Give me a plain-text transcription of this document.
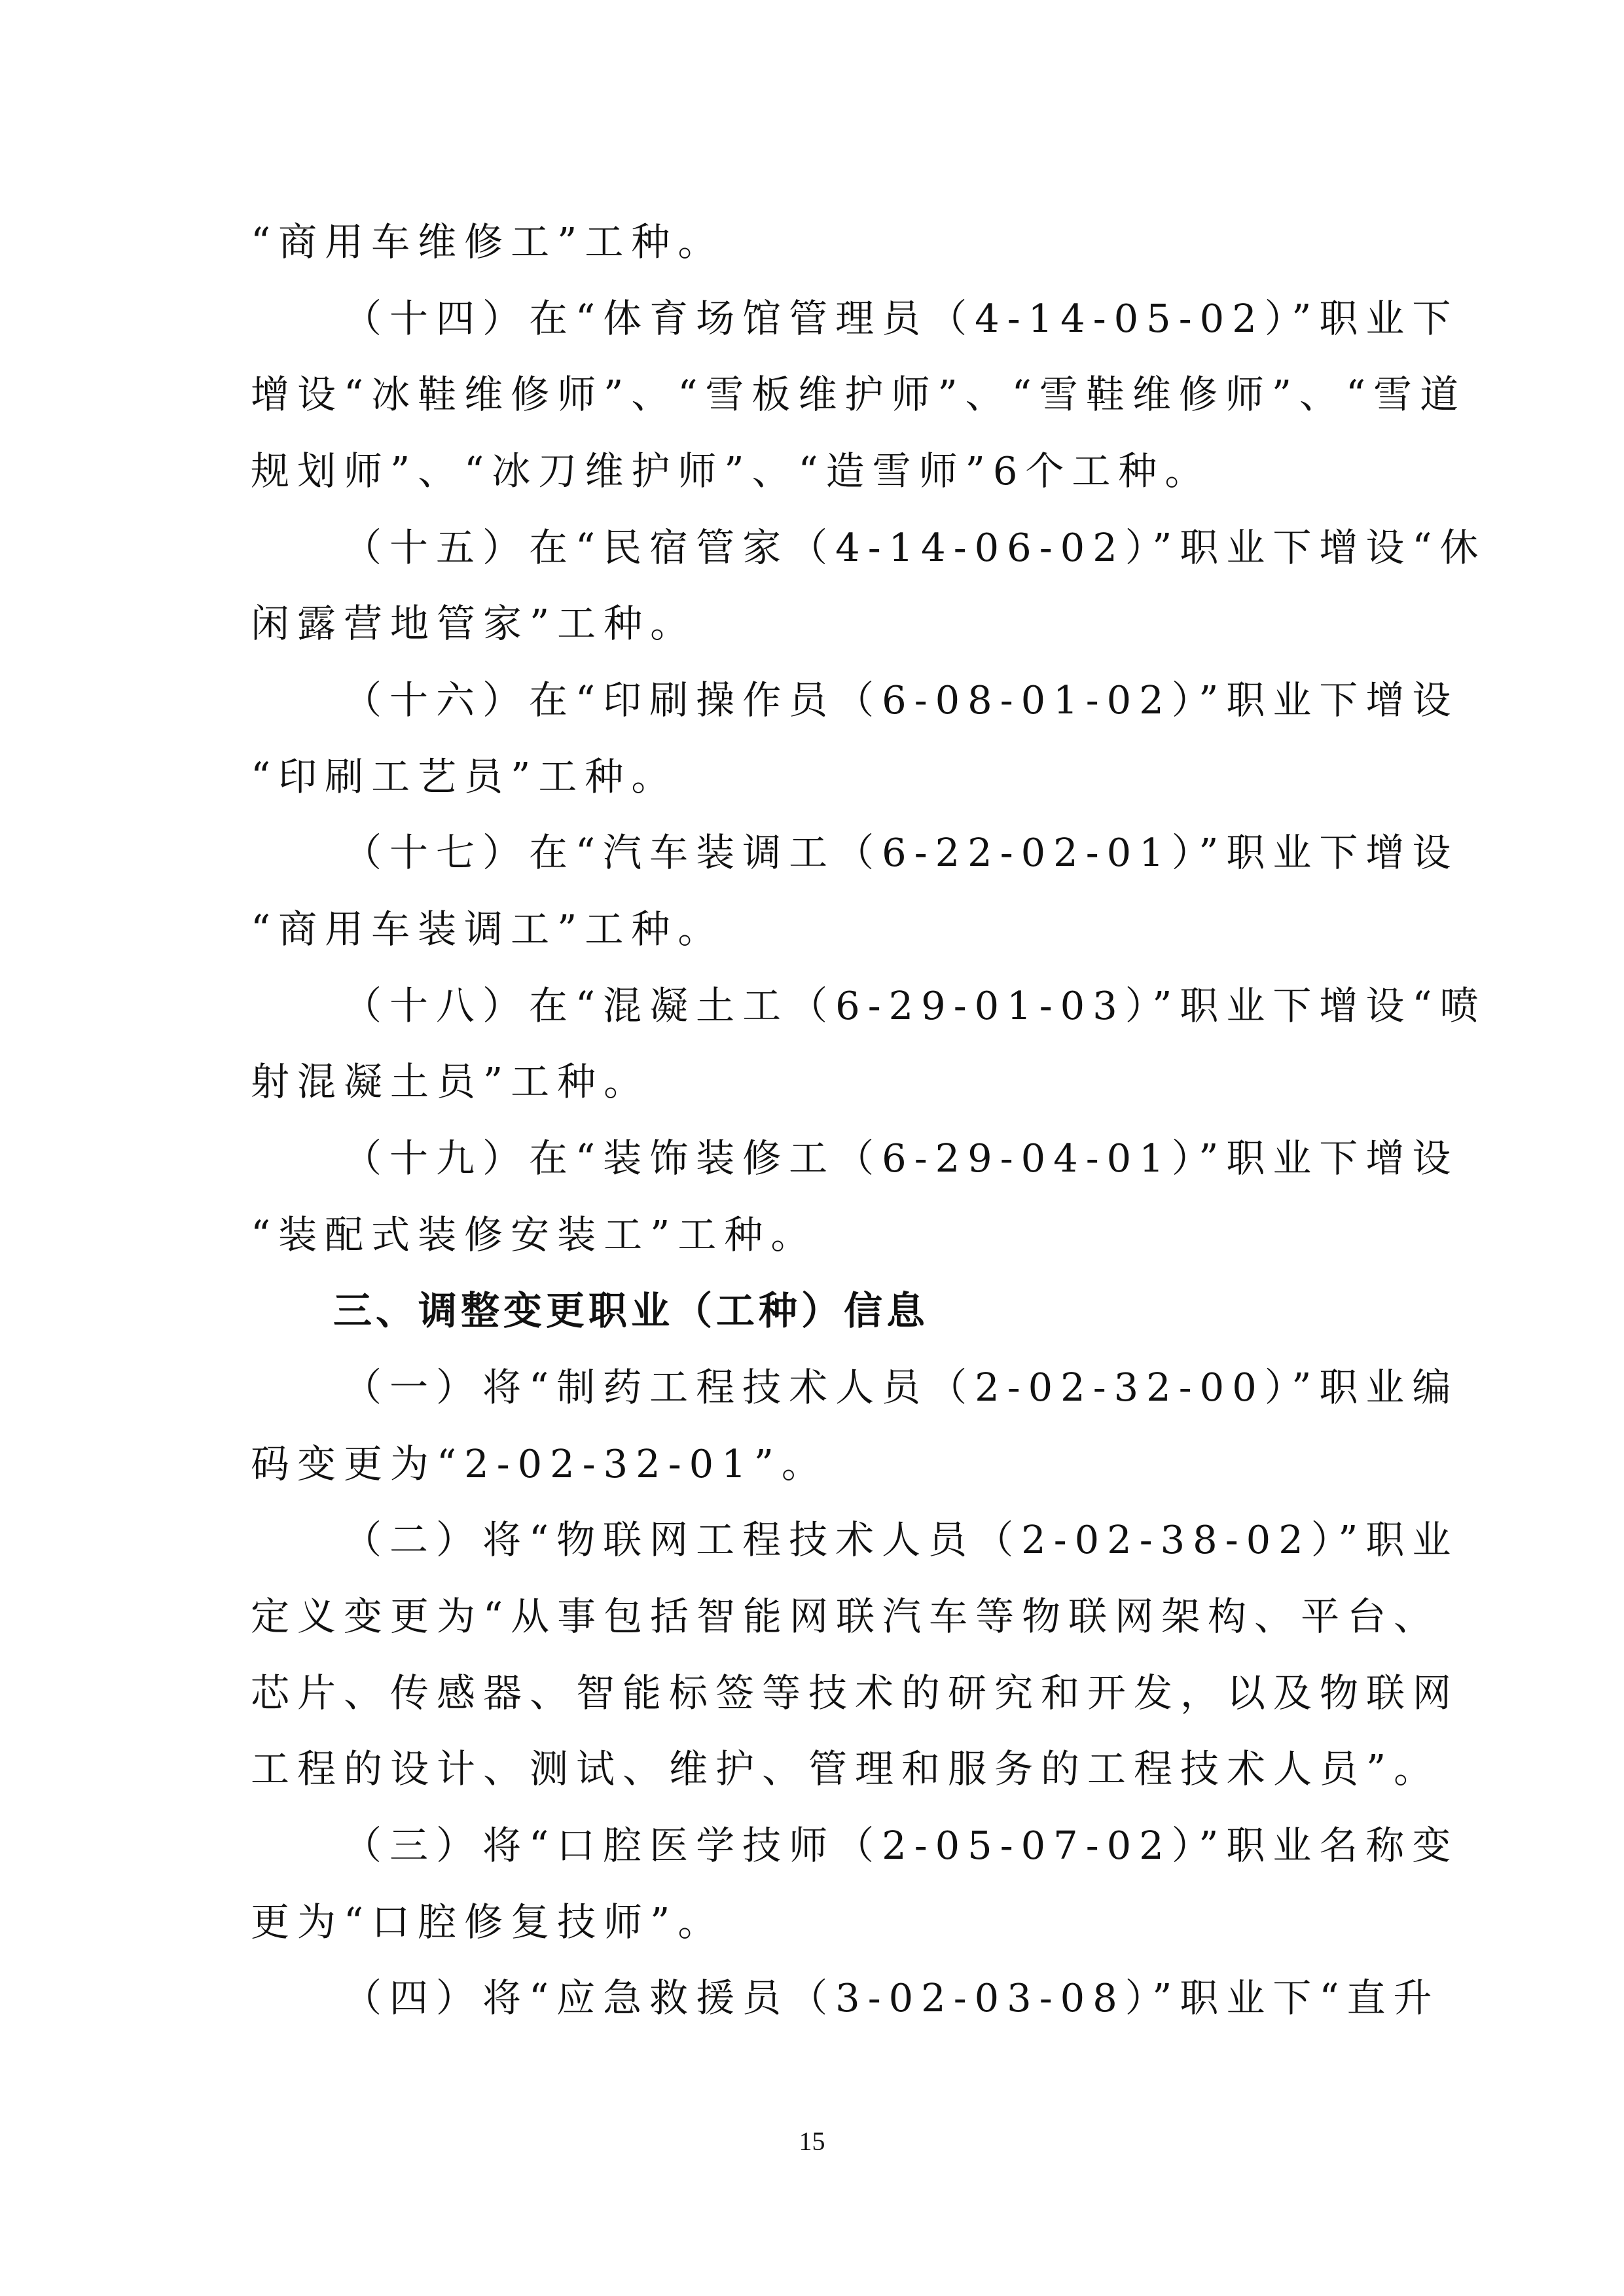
“商用车维修工”工种。
（十四）在“体育场馆管理员（4-14-05-02）”职业下
增设“冰鞋维修师”、“雪板维护师”、“雪鞋维修师”、“雪道
规划师”、“冰刀维护师”、“造雪师”6个工种。
（十五）在“民宿管家（4-14-06-02）”职业下增设“休
闲露营地管家”工种。
（十六）在“印刷操作员（6-08-01-02）”职业下增设
“印刷工艺员”工种。
（十七）在“汽车装调工（6-22-02-01）”职业下增设
“商用车装调工”工种。
（十八）在“混凝土工（6-29-01-03）”职业下增设“喷
射混凝土员”工种。
（十九）在“装饰装修工（6-29-04-01）”职业下增设
“装配式装修安装工”工种。
三、调整变更职业（工种）信息
（一）将“制药工程技术人员（2-02-32-00）”职业编
码变更为“2-02-32-01”。
（二）将“物联网工程技术人员（2-02-38-02）”职业
定义变更为“从事包括智能网联汽车等物联网架构、平台、
芯片、传感器、智能标签等技术的研究和开发，以及物联网
工程的设计、测试、维护、管理和服务的工程技术人员”。
（三）将“口腔医学技师（2-05-07-02）”职业名称变
更为“口腔修复技师”。
（四）将“应急救援员（3-02-03-08）”职业下“直升
15
